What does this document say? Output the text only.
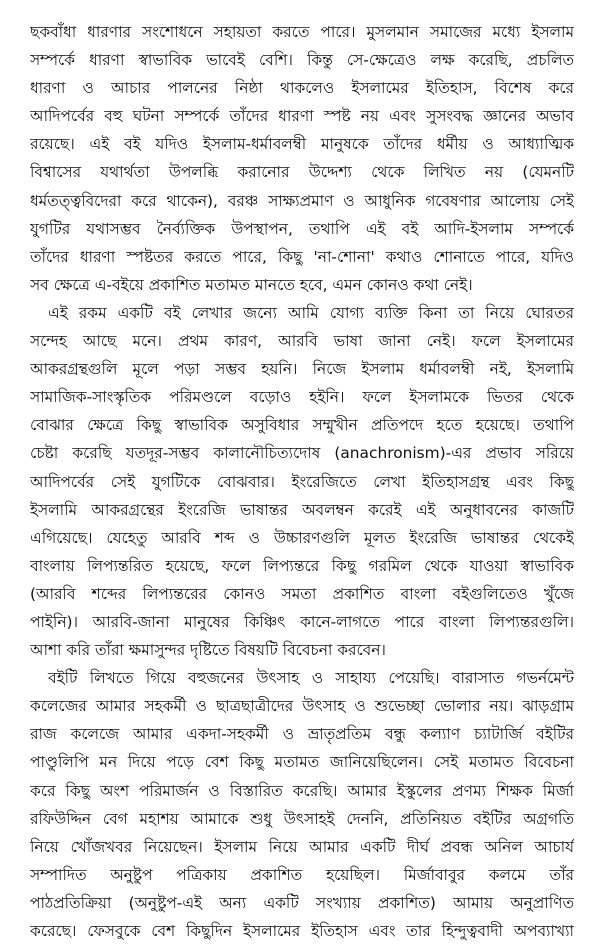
ছকবাঁধা ধারণার সংশোধনে সহায়তা করতে পারে। মুসলমান সমাজের মধ্যে ইসলাম
সম্পর্কে ধারণা স্বাভাবিক ভাবেই বেশি। কিন্তু সে-ক্ষেত্রেও লক্ষ করেছি, প্রচলিত
ধারণা ও আচার পালনের নিষ্ঠা থাকলেও ইসলামের ইতিহাস, বিশেষ করে
আদিপর্বের বহু ঘটনা সম্পর্কে তাঁদের ধারণা স্পষ্ট নয় এবং সুসংবদ্ধ জ্ঞানের অভাব
রয়েছে। এই বই যদিও ইসলাম-ধর্মাবলম্বী মানুষকে তাঁদের ধর্মীয় ও আধ্যাত্মিক
বিশ্বাসের যথার্থতা উপলব্ধি করানোর উদ্দেশ্য থেকে লিখিত নয় (যেমনটি
ধর্মতত্ত্ববিদেরা করে থাকেন), বরঞ্চ সাক্ষ্যপ্রমাণ ও আধুনিক গবেষণার আলোয় সেই
যুগটির যথাসম্ভব নৈর্ব্যক্তিক উপস্থাপন, তথাপি এই বই আদি-ইসলাম সম্পর্কে
তাঁদের ধারণা স্পষ্টতর করতে পারে, কিছু 'না-শোনা' কথাও শোনাতে পারে, যদিও
সব ক্ষেত্রে এ-বইয়ে প্রকাশিত মতামত মানতে হবে, এমন কোনও কথা নেই।
এই রকম একটি বই লেখার জন্যে আমি যোগ্য ব্যক্তি কিনা তা নিয়ে ঘোরতর
সন্দেহ আছে মনে। প্রথম কারণ, আরবি ভাষা জানা নেই। ফলে ইসলামের
আকরগ্রন্থগুলি মূলে পড়া সম্ভব হয়নি। নিজে ইসলাম ধর্মাবলম্বী নই, ইসলামি
সামাজিক-সাংস্কৃতিক পরিমণ্ডলে বড়োও হইনি। ফলে ইসলামকে ভিতর থেকে
বোঝার ক্ষেত্রে কিছু স্বাভাবিক অসুবিধার সম্মুখীন প্রতিপদে হতে হয়েছে। তথাপি
চেষ্টা করেছি যতদূর-সম্ভব কালানৌচিত্যদোষ (anachronism)-এর প্রভাব সরিয়ে
আদিপর্বের সেই যুগটিকে বোঝবার। ইংরেজিতে লেখা ইতিহাসগ্রন্থ এবং কিছু
ইসলামি আকরগ্রন্থের ইংরেজি ভাষান্তর অবলম্বন করেই এই অনুধাবনের কাজটি
এগিয়েছে। যেহেতু আরবি শব্দ ও উচ্চারণগুলি মূলত ইংরেজি ভাষান্তর থেকেই
বাংলায় লিপ্যন্তরিত হয়েছে, ফলে লিপ্যন্তরে কিছু গরমিল থেকে যাওয়া স্বাভাবিক
(আরবি শব্দের লিপ্যন্তরের কোনও সমতা প্রকাশিত বাংলা বইগুলিতেও খুঁজে
পাইনি)। আরবি-জানা মানুষের কিঞ্চিৎ কানে-লাগতে পারে বাংলা লিপ্যন্তরগুলি।
আশা করি তাঁরা ক্ষমাসুন্দর দৃষ্টিতে বিষয়টি বিবেচনা করবেন।
বইটি লিখতে গিয়ে বহুজনের উৎসাহ ও সাহায্য পেয়েছি। বারাসাত গভর্নমেন্ট
কলেজের আমার সহকর্মী ও ছাত্রছাত্রীদের উৎসাহ ও শুভেচ্ছা ভোলার নয়। ঝাড়গ্রাম
রাজ কলেজে আমার একদা-সহকর্মী ও ভ্রাতৃপ্রতিম বন্ধু কল্যাণ চ্যাটার্জি বইটির
পাণ্ডুলিপি মন দিয়ে পড়ে বেশ কিছু মতামত জানিয়েছিলেন। সেই মতামত বিবেচনা
করে কিছু অংশ পরিমার্জন ও বিস্তারিত করেছি। আমার ইস্কুলের প্রণম্য শিক্ষক মির্জা
রফিউদ্দিন বেগ মহাশয় আমাকে শুধু উৎসাহই দেননি, প্রতিনিয়ত বইটির অগ্রগতি
নিয়ে খোঁজখবর নিয়েছেন। ইসলাম নিয়ে আমার একটি দীর্ঘ প্রবন্ধ অনিল আচার্য
সম্পাদিত অনুষ্টুপ পত্রিকায় প্রকাশিত হয়েছিল। মির্জাবাবুর কলমে তাঁর
পাঠপ্রতিক্রিয়া (অনুষ্টুপ-এই অন্য একটি সংখ্যায় প্রকাশিত) আমায় অনুপ্রাণিত
করেছে। ফেসবুকে বেশ কিছুদিন ইসলামের ইতিহাস এবং তার হিন্দুত্ববাদী অপব্যাখ্যা
